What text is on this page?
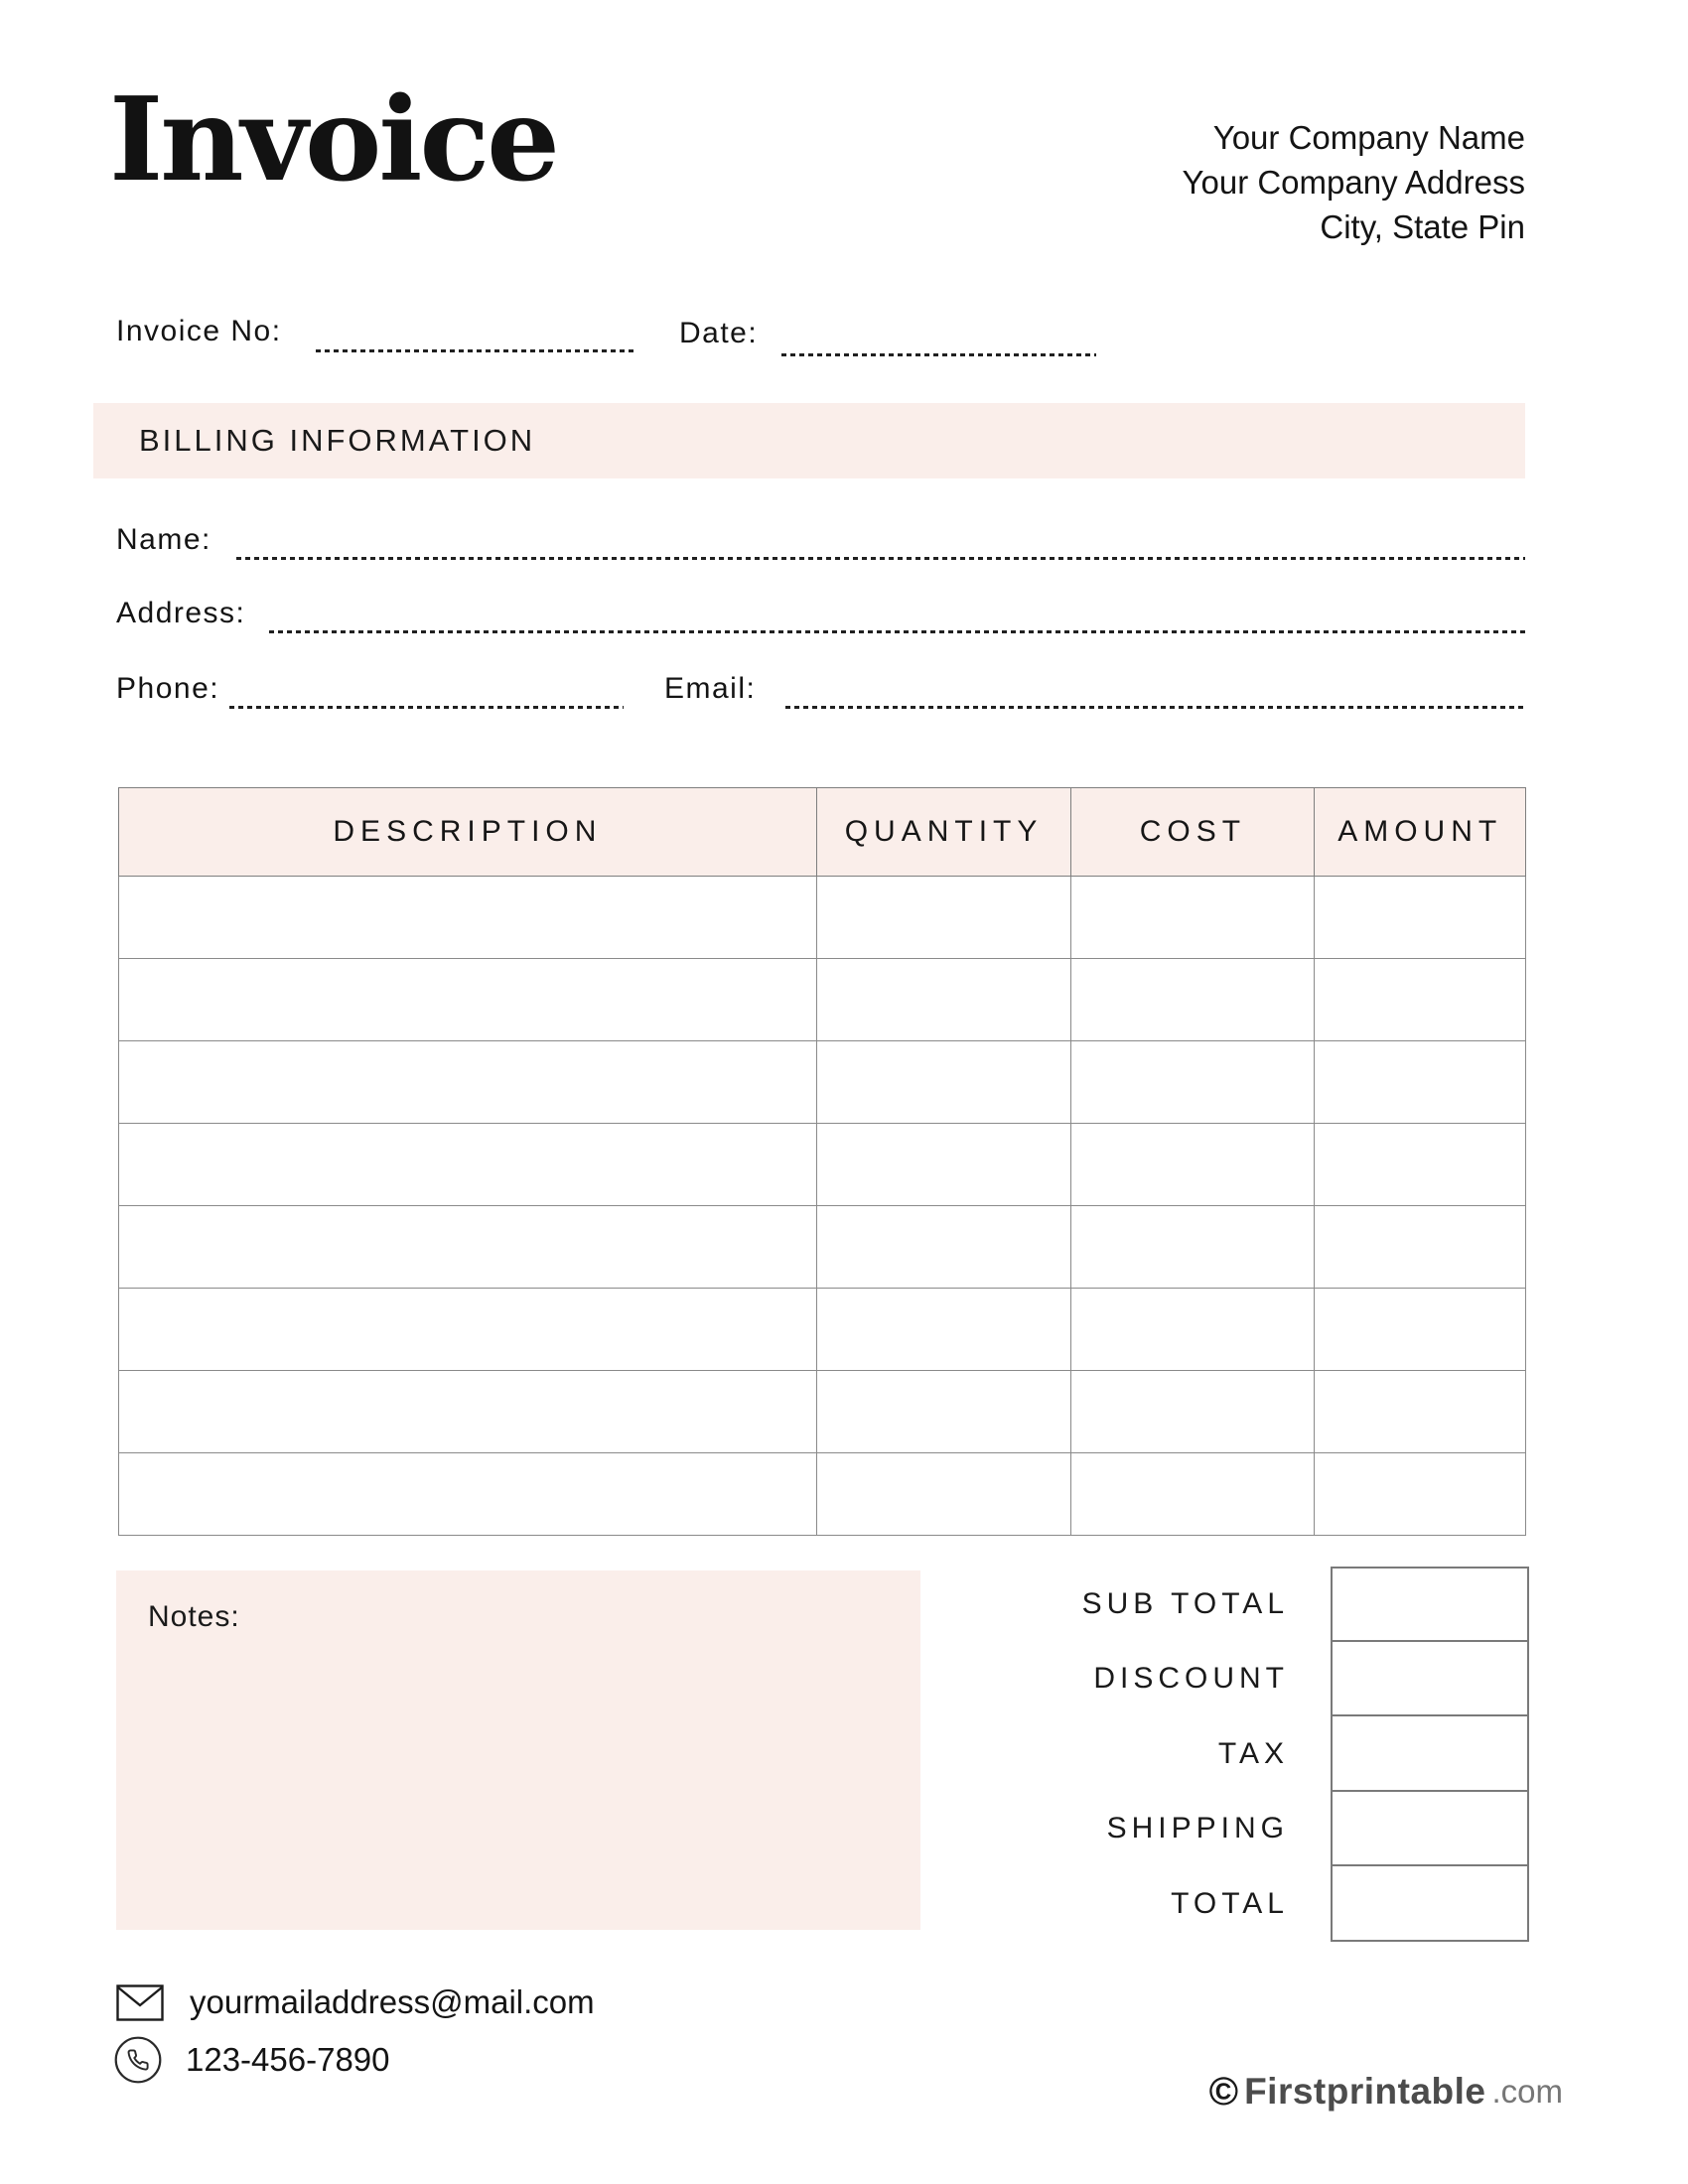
Invoice	Your Company Name
Your Company Address
City, State Pin
Invoice No:	Date:
BILLING INFORMATION
Name:
Address:
Phone:	Email:
DESCRIPTION	QUANTITY	COST	AMOUNT

Notes:	SUB TOTAL
DISCOUNT
TAX
SHIPPING
TOTAL
yourmailaddress@mail.com
123-456-7890
© Firstprintable .com
